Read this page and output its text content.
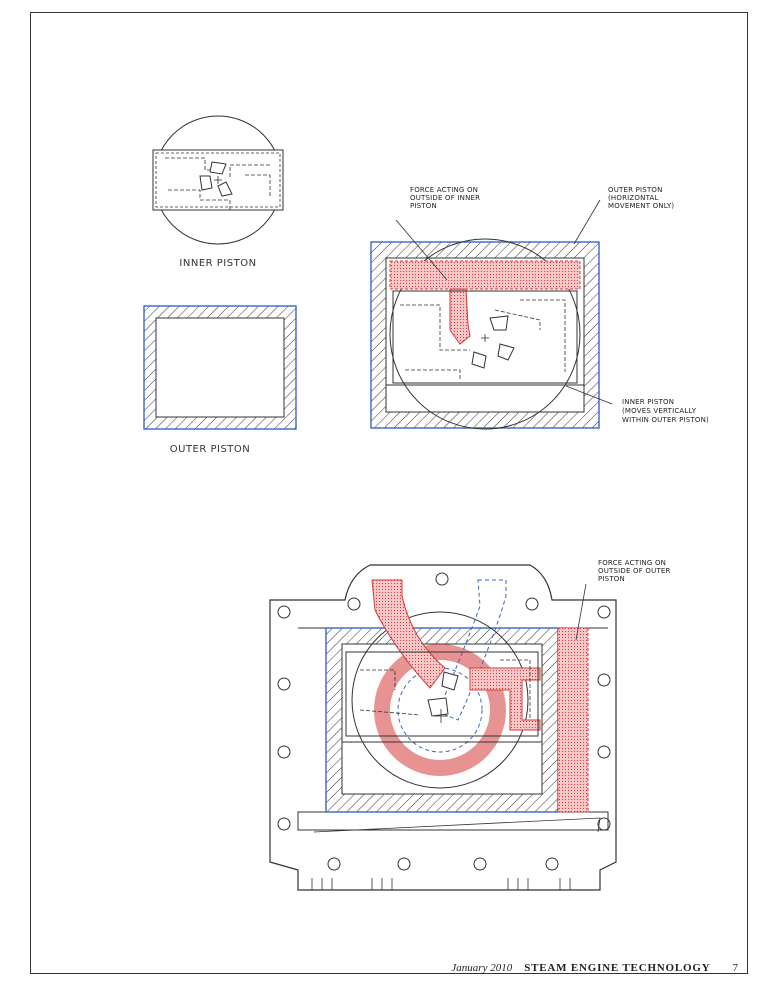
INNER PISTON
OUTER PISTON
FORCE ACTING ON
OUTSIDE OF INNER
PISTON
OUTER PISTON
(HORIZONTAL
MOVEMENT ONLY)
INNER PISTON
(MOVES VERTICALLY
WITHIN OUTER PISTON)
FORCE ACTING ON
OUTSIDE OF OUTER
PISTON
January 2010 STEAM ENGINE TECHNOLOGY 7
